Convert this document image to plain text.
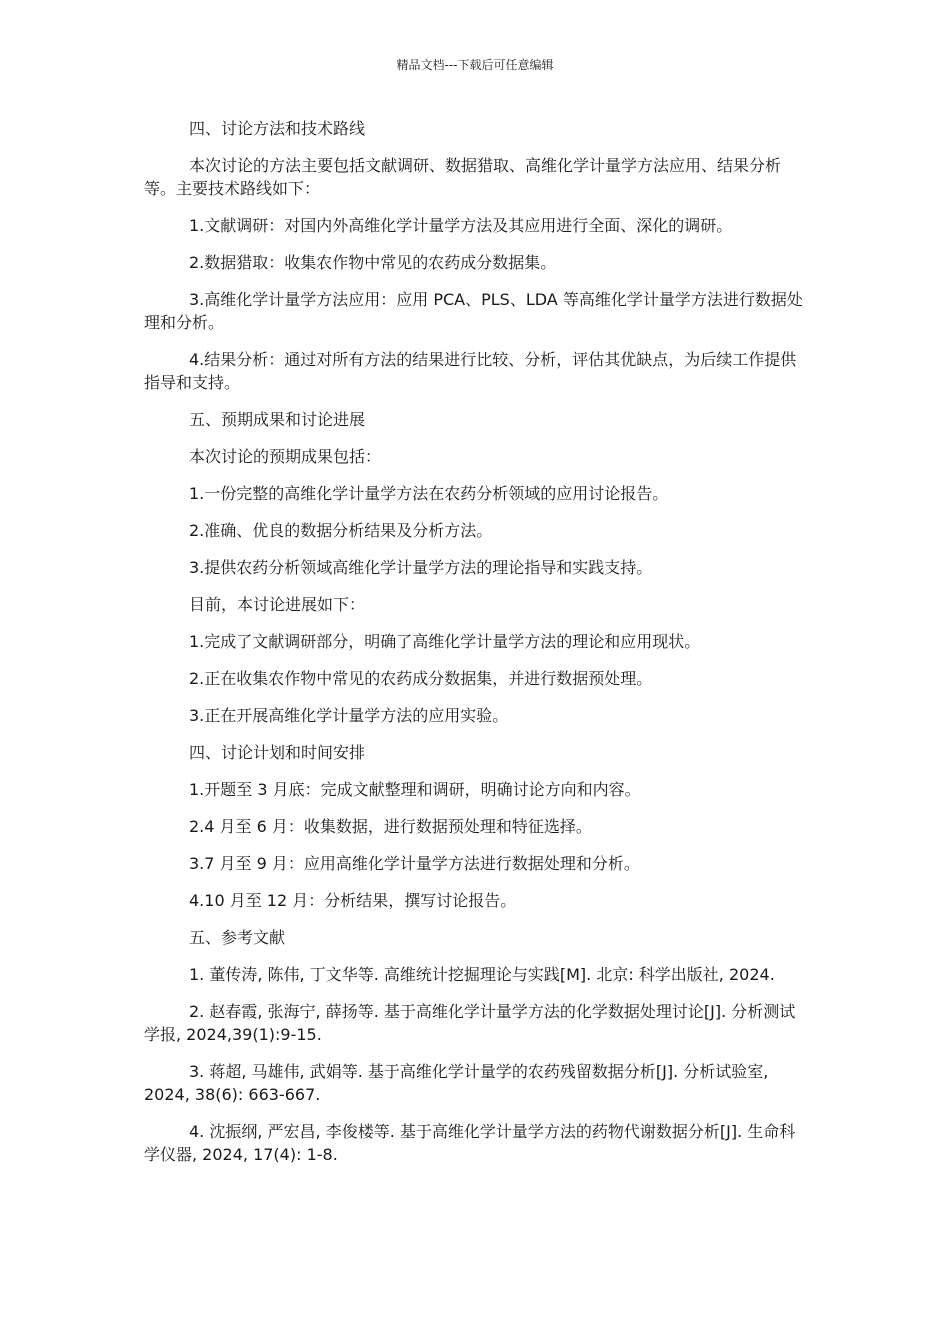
精品文档---下载后可任意编辑

四、讨论方法和技术路线

本次讨论的方法主要包括文献调研、数据猎取、高维化学计量学方法应用、结果分析等。主要技术路线如下：

1.文献调研：对国内外高维化学计量学方法及其应用进行全面、深化的调研。

2.数据猎取：收集农作物中常见的农药成分数据集。

3.高维化学计量学方法应用：应用 PCA、PLS、LDA 等高维化学计量学方法进行数据处理和分析。

4.结果分析：通过对所有方法的结果进行比较、分析，评估其优缺点，为后续工作提供指导和支持。

五、预期成果和讨论进展

本次讨论的预期成果包括：

1.一份完整的高维化学计量学方法在农药分析领域的应用讨论报告。

2.准确、优良的数据分析结果及分析方法。

3.提供农药分析领域高维化学计量学方法的理论指导和实践支持。

目前，本讨论进展如下：

1.完成了文献调研部分，明确了高维化学计量学方法的理论和应用现状。

2.正在收集农作物中常见的农药成分数据集，并进行数据预处理。

3.正在开展高维化学计量学方法的应用实验。

四、讨论计划和时间安排

1.开题至 3 月底：完成文献整理和调研，明确讨论方向和内容。

2.4 月至 6 月：收集数据，进行数据预处理和特征选择。

3.7 月至 9 月：应用高维化学计量学方法进行数据处理和分析。

4.10 月至 12 月：分析结果，撰写讨论报告。

五、参考文献

1. 董传涛, 陈伟, 丁文华等. 高维统计挖掘理论与实践[M]. 北京: 科学出版社, 2024.

2. 赵春霞, 张海宁, 薛扬等. 基于高维化学计量学方法的化学数据处理讨论[J]. 分析测试学报, 2024,39(1):9-15.

3. 蒋超, 马雄伟, 武娟等. 基于高维化学计量学的农药残留数据分析[J]. 分析试验室, 2024, 38(6): 663-667.

4. 沈振纲, 严宏昌, 李俊楼等. 基于高维化学计量学方法的药物代谢数据分析[J]. 生命科学仪器, 2024, 17(4): 1-8.
